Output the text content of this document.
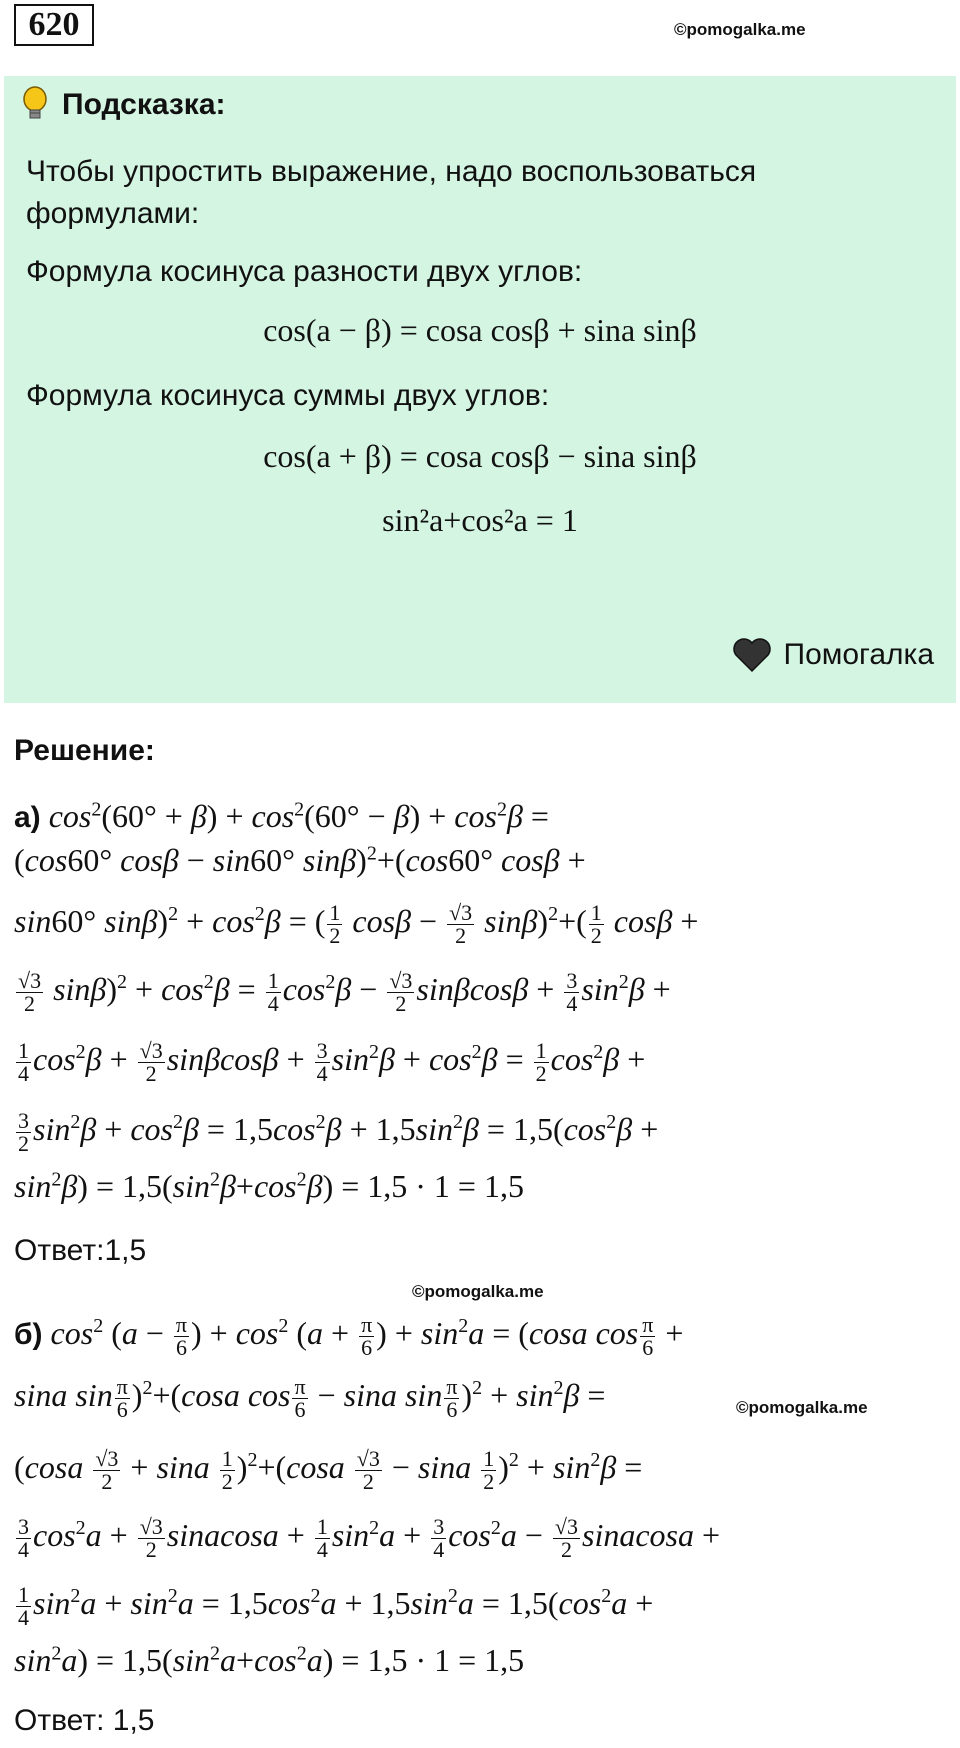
620	©pomogalka.me
Подсказка:
Чтобы упростить выражение, надо воспользоваться
формулами:
Формула косинуса разности двух углов:
cos(a − β) = cosa cosβ + sina sinβ
Формула косинуса суммы двух углов:
cos(a + β) = cosa cosβ − sina sinβ
sin²a+cos²a = 1
Помогалка
Решение:
а) $\cos^2(60^\circ + \beta) + \cos^2(60^\circ - \beta) + \cos^2\beta$ =
(cos60° cosβ − sin60° sinβ)$^2$+(cos60° cosβ +
sin60° $\sin\beta)^2 + \cos^2\beta$ = ( $\frac{1}{2}$ $\cos\beta - \frac{√3}{2} \sin\beta)^2+( \frac{1}{2}$ cosβ +
$\frac{√3}{2} \sin\beta)^2 + \cos^2\beta = \frac{1}{4} \cos^2\beta - \frac{√3}{2}$ $\sin\beta\cos\beta + \frac{3}{4} \sin^2\beta$ +
$\frac{1}{4} \cos^2\beta + \frac{√3}{2}$ $\sin\beta\cos\beta + \frac{3}{4} \sin^2\beta + \cos^2\beta = \frac{1}{2} \cos^2\beta$ +
$\frac{3}{2} \sin^2\beta + \cos^2\beta = 1,5\cos^2\beta + 1,5\sin^2\beta = 1,5(\cos^2\beta$ +
$\sin^2\beta) = 1,5(\sin^2\beta+\cos^2\beta) = 1,5 \cdot 1 = 1,5$
Ответ:1,5
©pomogalka.me
б) $\cos^2 (a - \frac{\pi}{6}$ ) + $\cos^2 (a + \frac{\pi}{6}$ ) + $\sin^2a = (\cos a$ $\cos \frac{\pi}{6}$ +
sina $\sin \frac{\pi}{6} )^2+(\cos a$ $\cos \frac{\pi}{6} - \sin a$ $\sin \frac{\pi}{6} )^2 + \sin^2\beta$ =	©pomogalka.me
$(\cos a \frac{√3}{2} + \sin a \frac{1}{2} )^2+(\cos a \frac{√3}{2} - \sin a \frac{1}{2} )^2 + \sin^2\beta$ =
$\frac{3}{4} \cos^2a + \frac{√3}{2}$ sinacosa + $\frac{1}{4} \sin^2a + \frac{3}{4} \cos^2a - \frac{√3}{2}$ sinacosa +
$\frac{1}{4} \sin^2a + \sin^2a = 1,5\cos^2a + 1,5\sin^2a = 1,5(\cos^2a$ +
$\sin^2a) = 1,5(\sin^2a+\cos^2a) = 1,5 \cdot 1 = 1,5$
Ответ: 1,5
